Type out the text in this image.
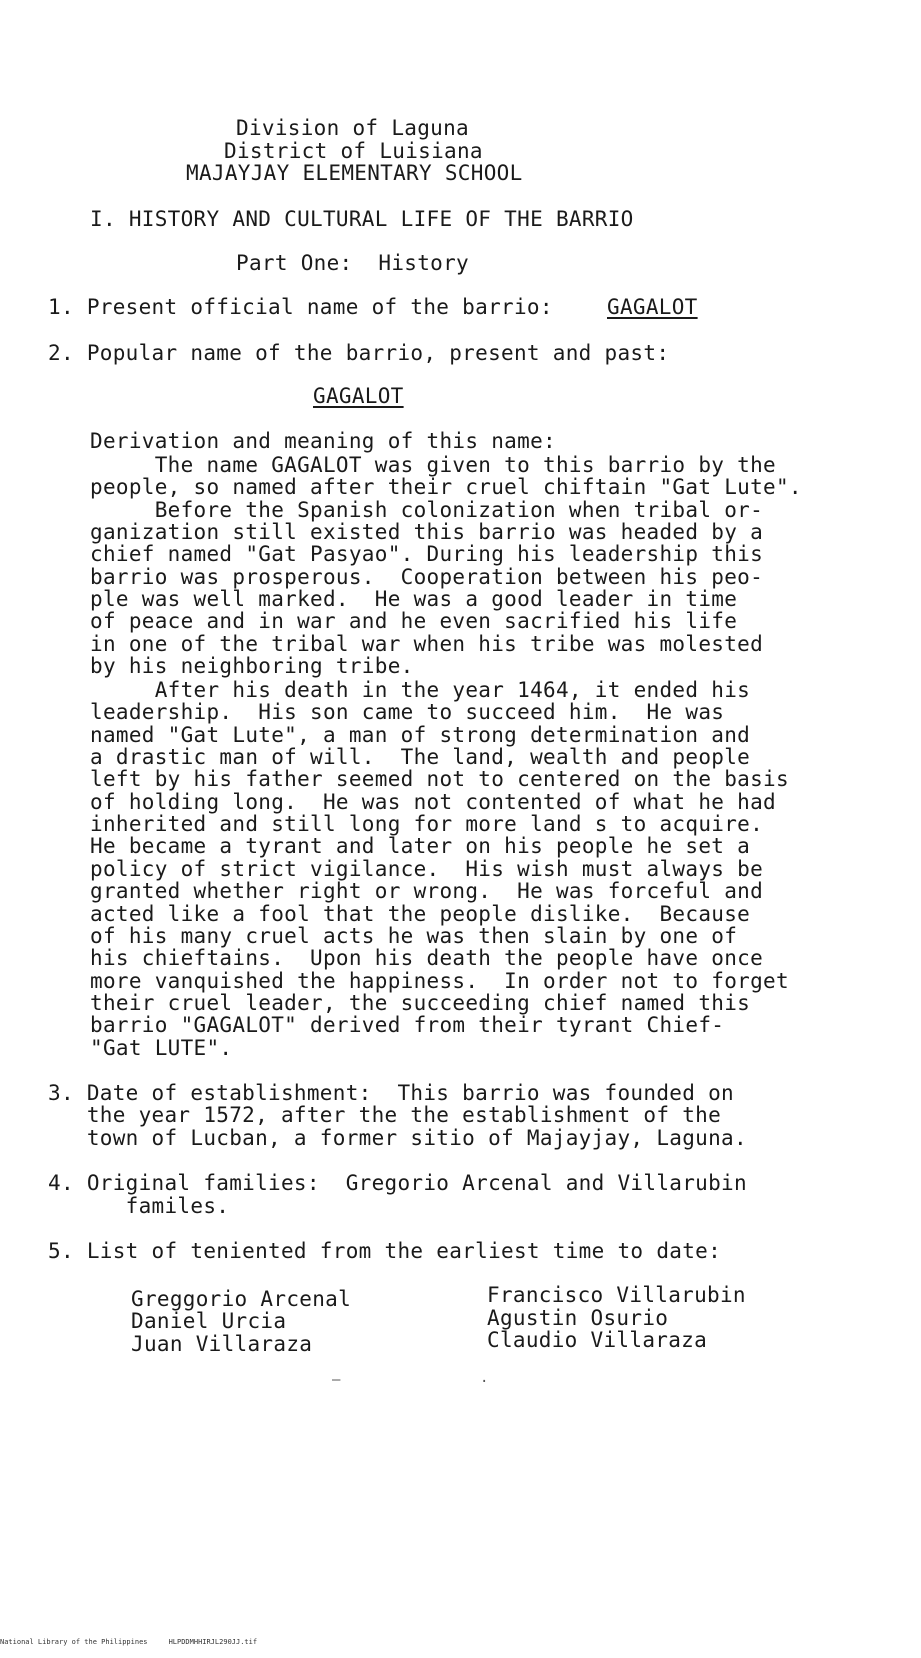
Division of Laguna
District of Luisiana
MAJAYJAY ELEMENTARY SCHOOL
I. HISTORY AND CULTURAL LIFE OF THE BARRIO
Part One:  History
1. Present official name of the barrio:	GAGALOT
2. Popular name of the barrio, present and past:
GAGALOT
Derivation and meaning of this name:
The name GAGALOT was given to this barrio by the
people, so named after their cruel chiftain "Gat Lute".
Before the Spanish colonization when tribal or-
ganization still existed this barrio was headed by a
chief named "Gat Pasyao". During his leadership this
barrio was prosperous.  Cooperation between his peo-
ple was well marked.  He was a good leader in time
of peace and in war and he even sacrified his life
in one of the tribal war when his tribe was molested
by his neighboring tribe.
After his death in the year 1464, it ended his
leadership.  His son came to succeed him.  He was
named "Gat Lute", a man of strong determination and
a drastic man of will.  The land, wealth and people
left by his father seemed not to centered on the basis
of holding long.  He was not contented of what he had
inherited and still long for more land s to acquire.
He became a tyrant and later on his people he set a
policy of strict vigilance.  His wish must always be
granted whether right or wrong.  He was forceful and
acted like a fool that the people dislike.  Because
of his many cruel acts he was then slain by one of
his chieftains.  Upon his death the people have once
more vanquished the happiness.  In order not to forget
their cruel leader, the succeeding chief named this
barrio "GAGALOT" derived from their tyrant Chief-
"Gat LUTE".
3. Date of establishment:  This barrio was founded on
the year 1572, after the the establishment of the
town of Lucban, a former sitio of Majayjay, Laguna.
4. Original families:  Gregorio Arcenal and Villarubin
familes.
5. List of teniented from the earliest time to date:
Greggorio Arcenal
Daniel Urcia
Juan Villaraza
Francisco Villarubin
Agustin Osurio
Claudio Villaraza
–	·
National Library of the Philippines     HLPDDMHHIRJL290JJ.tif
